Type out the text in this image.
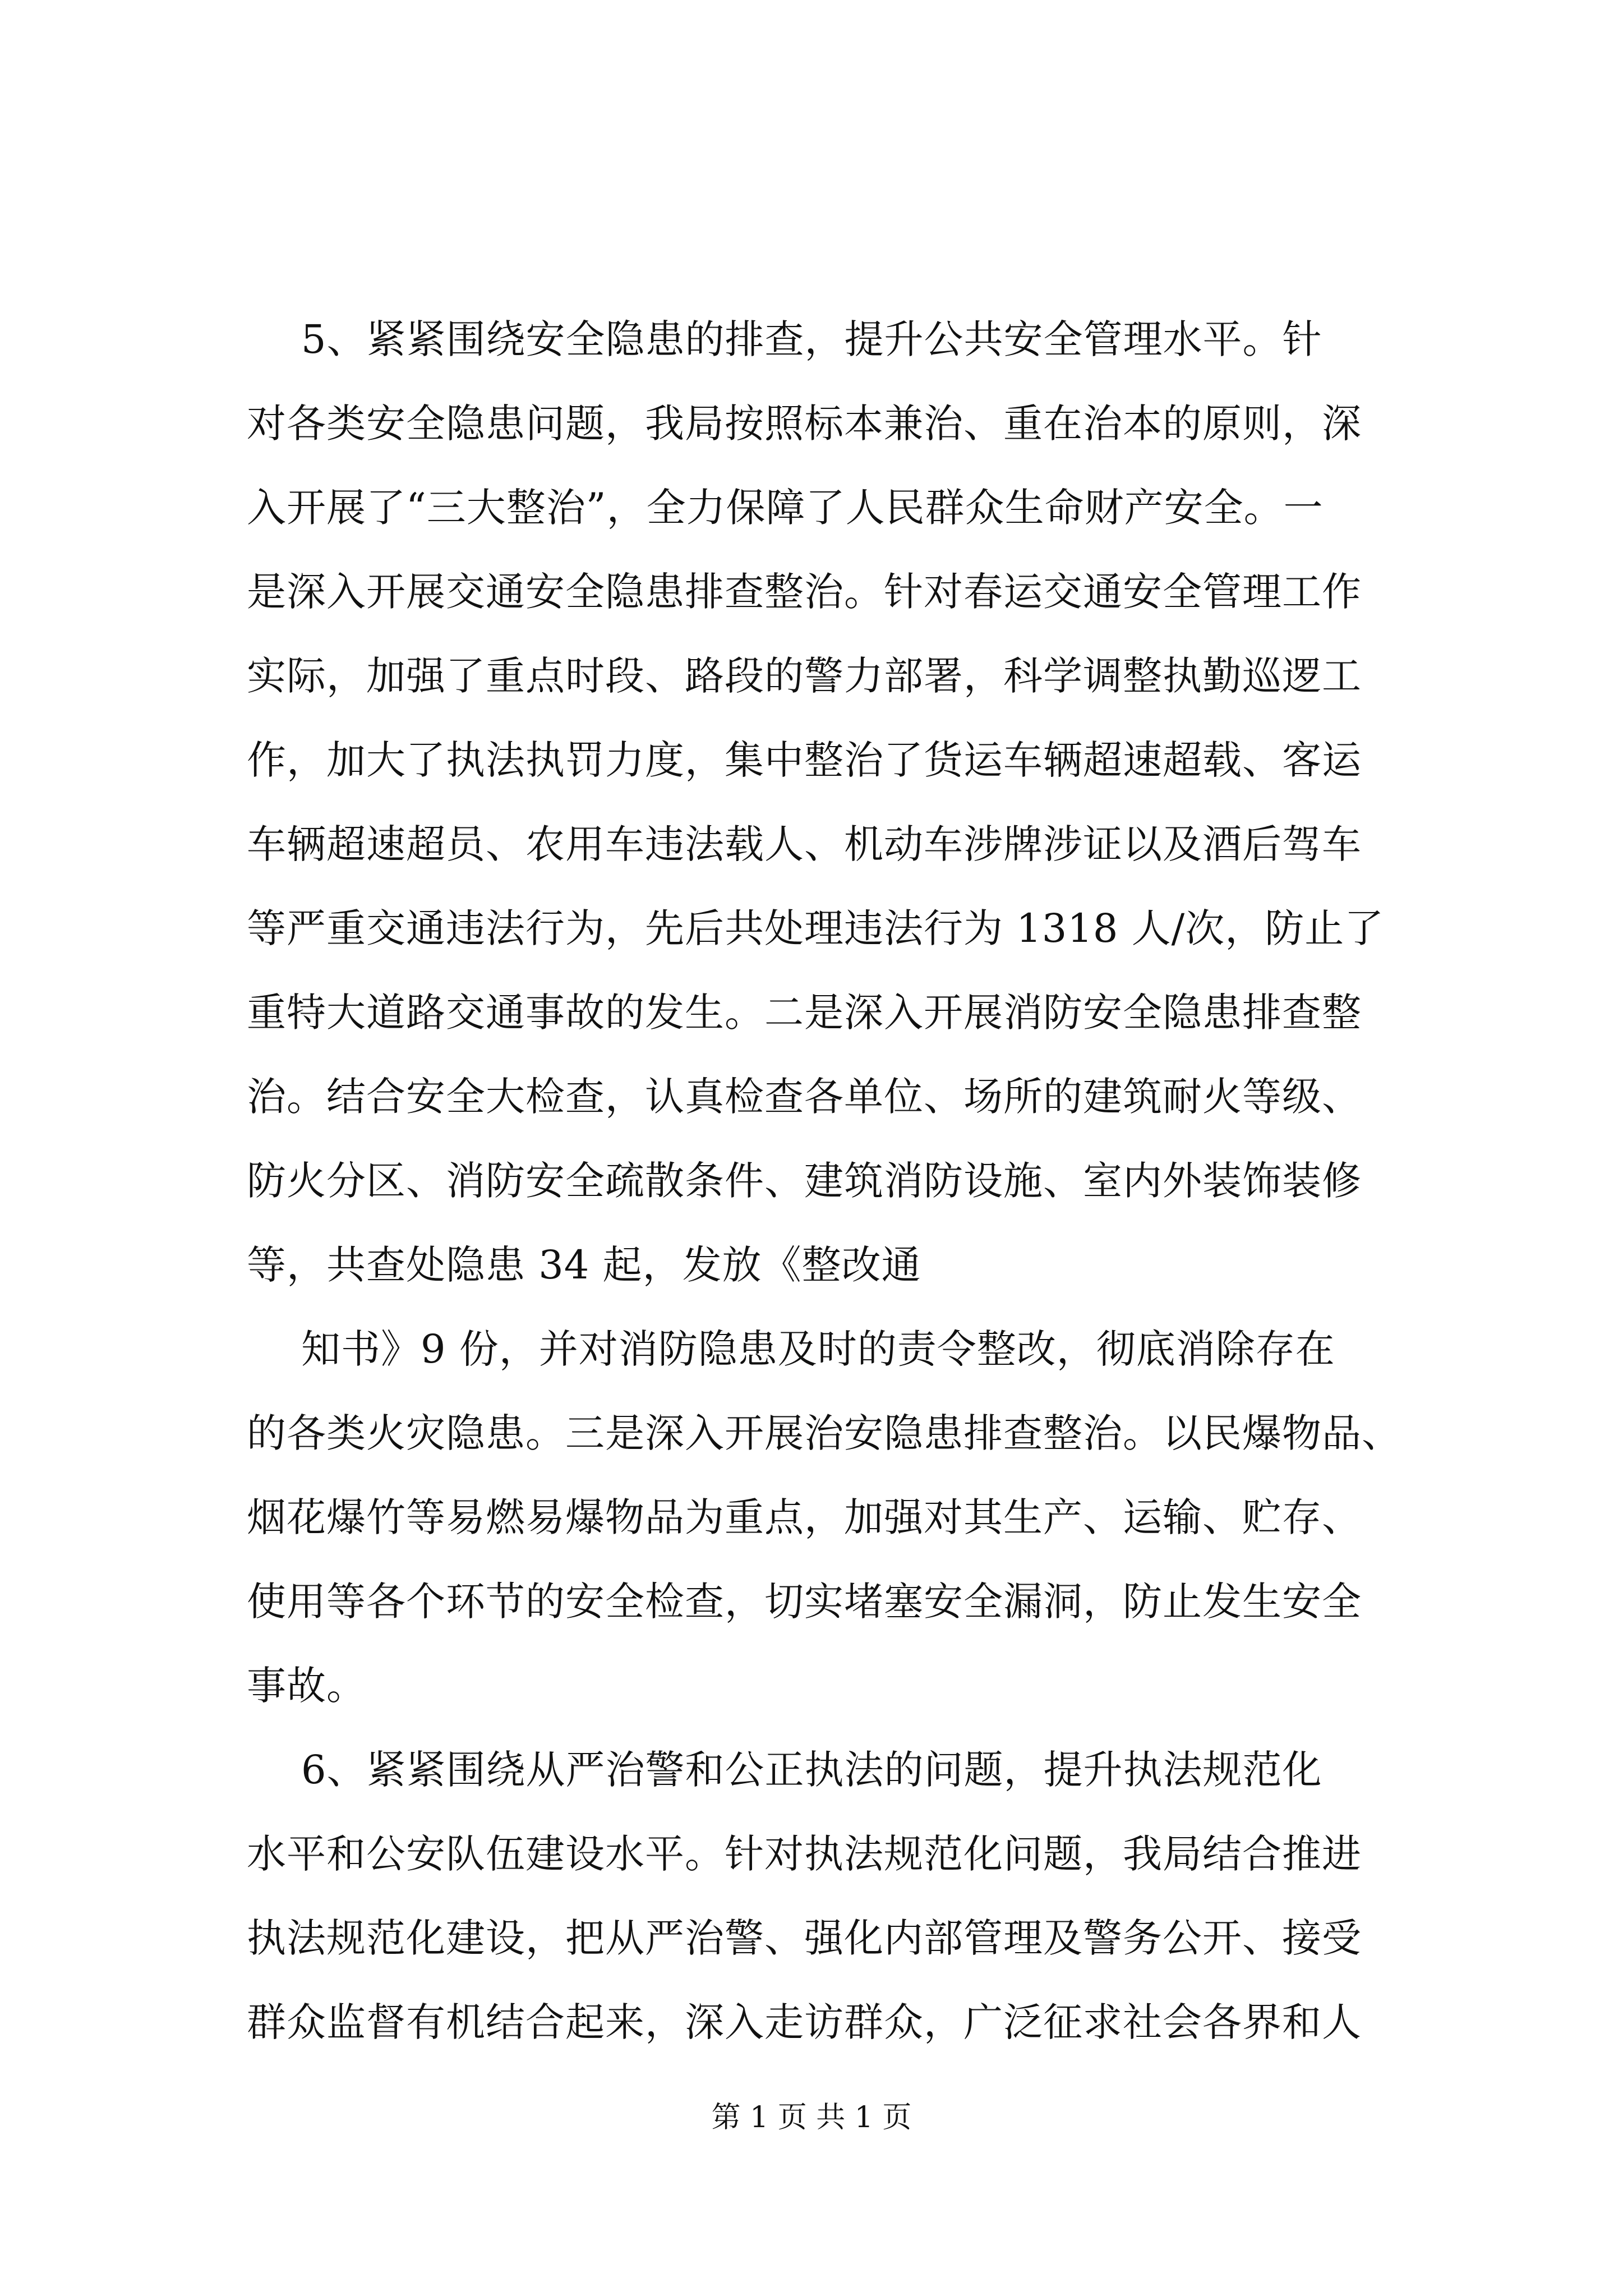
5、紧紧围绕安全隐患的排查，提升公共安全管理水平。针
对各类安全隐患问题，我局按照标本兼治、重在治本的原则，深
入开展了“三大整治”，全力保障了人民群众生命财产安全。一
是深入开展交通安全隐患排查整治。针对春运交通安全管理工作
实际，加强了重点时段、路段的警力部署，科学调整执勤巡逻工
作，加大了执法执罚力度，集中整治了货运车辆超速超载、客运
车辆超速超员、农用车违法载人、机动车涉牌涉证以及酒后驾车
等严重交通违法行为，先后共处理违法行为 1318 人/次，防止了
重特大道路交通事故的发生。二是深入开展消防安全隐患排查整
治。结合安全大检查，认真检查各单位、场所的建筑耐火等级、
防火分区、消防安全疏散条件、建筑消防设施、室内外装饰装修
等，共查处隐患 34 起，发放《整改通
知书》9 份，并对消防隐患及时的责令整改，彻底消除存在
的各类火灾隐患。三是深入开展治安隐患排查整治。以民爆物品、
烟花爆竹等易燃易爆物品为重点，加强对其生产、运输、贮存、
使用等各个环节的安全检查，切实堵塞安全漏洞，防止发生安全
事故。
6、紧紧围绕从严治警和公正执法的问题，提升执法规范化
水平和公安队伍建设水平。针对执法规范化问题，我局结合推进
执法规范化建设，把从严治警、强化内部管理及警务公开、接受
群众监督有机结合起来，深入走访群众，广泛征求社会各界和人
第 1 页 共 1 页
